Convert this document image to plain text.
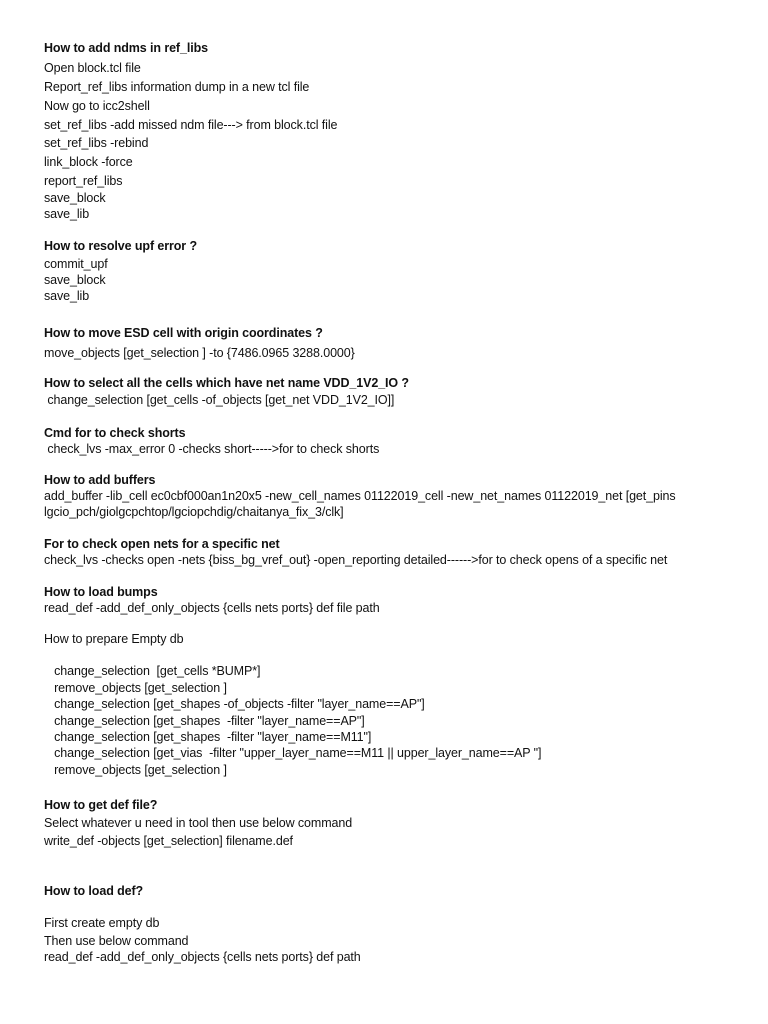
How to add ndms in ref_libs
Open block.tcl file
Report_ref_libs information dump in a new tcl file
Now go to icc2shell
set_ref_libs -add missed ndm file---> from block.tcl file
set_ref_libs -rebind
link_block -force
report_ref_libs
save_block
save_lib
How to resolve upf error ?
commit_upf
save_block
save_lib
How to move ESD cell with origin coordinates ?
move_objects [get_selection ] -to {7486.0965 3288.0000}
How to select all the cells which have net name VDD_1V2_IO ?
change_selection [get_cells -of_objects [get_net VDD_1V2_IO]]
Cmd for to check shorts
check_lvs -max_error 0 -checks short----->for to check shorts
How to add buffers
add_buffer -lib_cell ec0cbf000an1n20x5 -new_cell_names 01122019_cell -new_net_names 01122019_net [get_pins
lgcio_pch/giolgcpchtop/lgciopchdig/chaitanya_fix_3/clk]
For to check open nets for a specific net
check_lvs -checks open -nets {biss_bg_vref_out} -open_reporting detailed------>for to check opens of a specific net
How to load bumps
read_def -add_def_only_objects {cells nets ports} def file path
How to prepare Empty db
change_selection  [get_cells *BUMP*]
remove_objects [get_selection ]
change_selection [get_shapes -of_objects -filter "layer_name==AP"]
change_selection [get_shapes  -filter "layer_name==AP"]
change_selection [get_shapes  -filter "layer_name==M11"]
change_selection [get_vias  -filter "upper_layer_name==M11 || upper_layer_name==AP "]
remove_objects [get_selection ]
How to get def file?
Select whatever u need in tool then use below command
write_def -objects [get_selection] filename.def
How to load def?
First create empty db
Then use below command
read_def -add_def_only_objects {cells nets ports} def path
